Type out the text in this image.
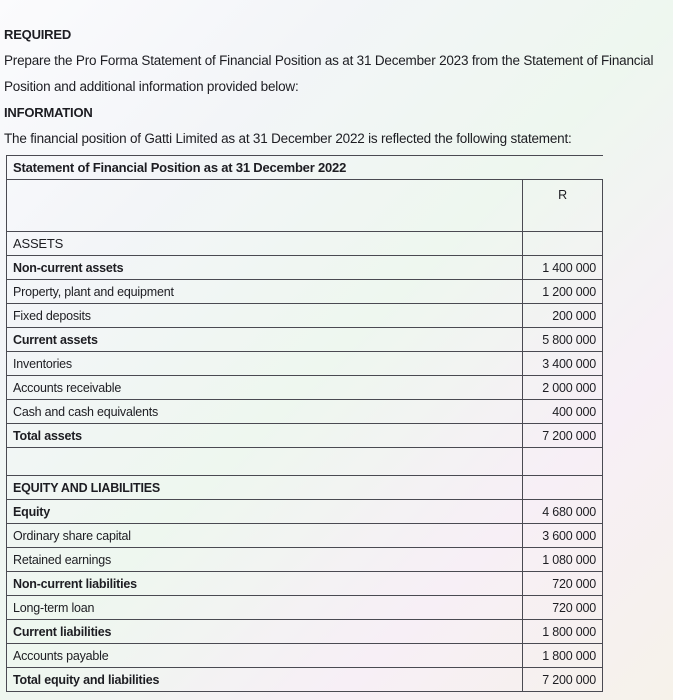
REQUIRED
Prepare the Pro Forma Statement of Financial Position as at 31 December 2023 from the Statement of Financial Position and additional information provided below:
INFORMATION
The financial position of Gatti Limited as at 31 December 2022 is reflected the following statement:
Statement of Financial Position as at 31 December 2022	
	R
ASSETS	
Non-current assets	1 400 000
Property, plant and equipment	1 200 000
Fixed deposits	200 000
Current assets	5 800 000
Inventories	3 400 000
Accounts receivable	2 000 000
Cash and cash equivalents	400 000
Total assets	7 200 000

EQUITY AND LIABILITIES	
Equity	4 680 000
Ordinary share capital	3 600 000
Retained earnings	1 080 000
Non-current liabilities	720 000
Long-term loan	720 000
Current liabilities	1 800 000
Accounts payable	1 800 000
Total equity and liabilities	7 200 000
